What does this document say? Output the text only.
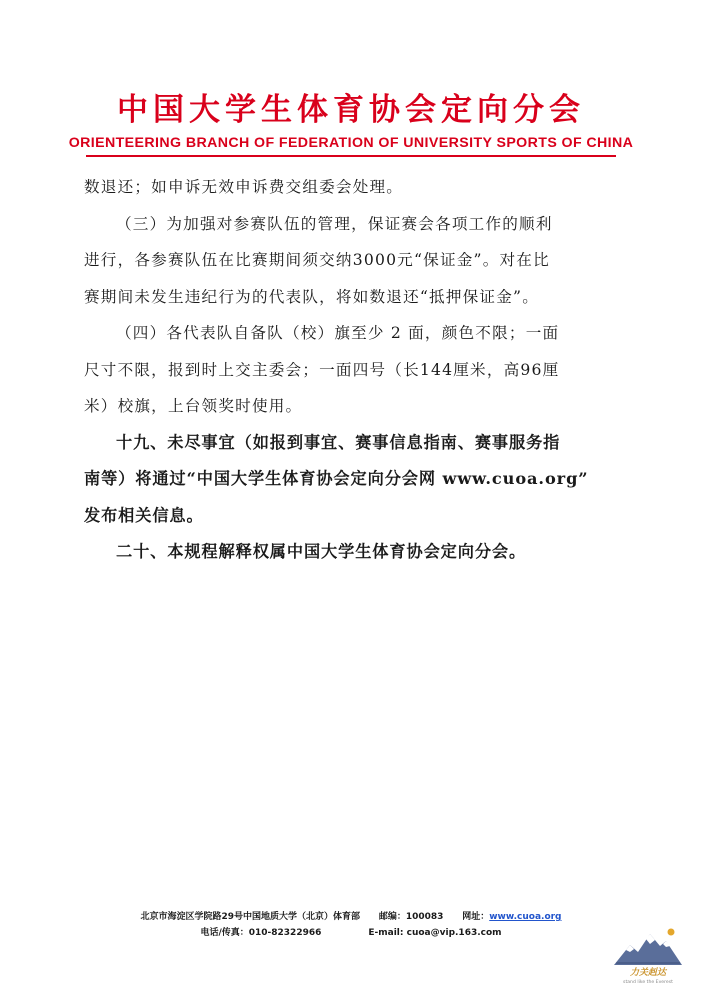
中国大学生体育协会定向分会
ORIENTEERING BRANCH OF FEDERATION OF UNIVERSITY SPORTS OF CHINA
数退还；如申诉无效申诉费交组委会处理。
（三）为加强对参赛队伍的管理，保证赛会各项工作的顺利
进行，各参赛队伍在比赛期间须交纳3000元“保证金”。对在比
赛期间未发生违纪行为的代表队，将如数退还“抵押保证金”。
（四）各代表队自备队（校）旗至少 2 面，颜色不限；一面
尺寸不限，报到时上交主委会；一面四号（长144厘米，高96厘
米）校旗，上台领奖时使用。
十九、未尽事宜（如报到事宜、赛事信息指南、赛事服务指
南等）将通过“中国大学生体育协会定向分会网 www.cuoa.org”
发布相关信息。
二十、本规程解释权属中国大学生体育协会定向分会。
北京市海淀区学院路29号中国地质大学（北京）体育部 邮编：100083 网址：www.cuoa.org
电话/传真：010-82322966	E-mail: cuoa@vip.163.com
力关赳达
stand like the Everest
